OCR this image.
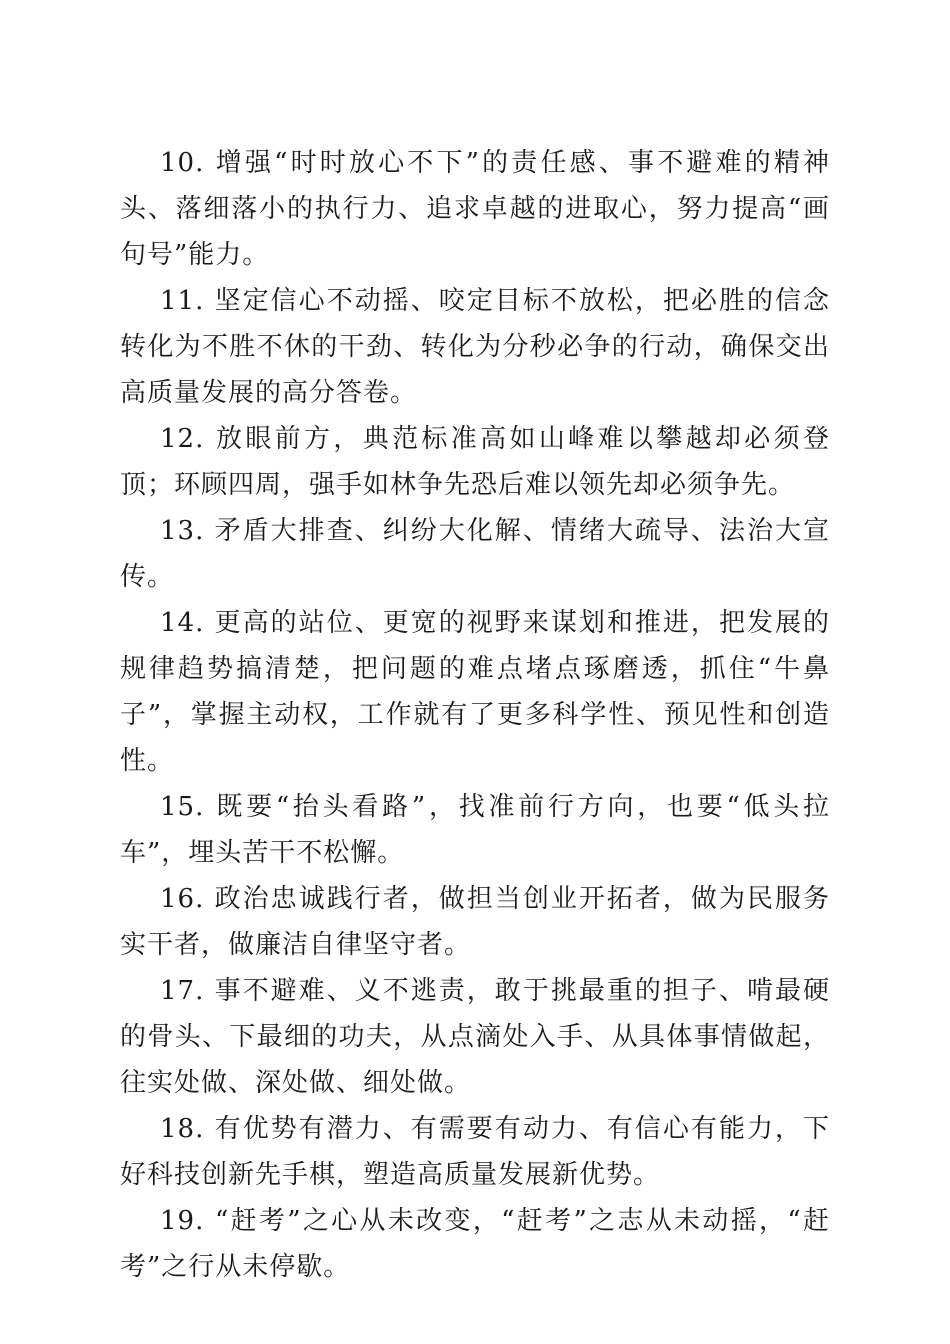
10. 增强“时时放心不下”的责任感、事不避难的精神头、落细落小的执行力、追求卓越的进取心，努力提高“画句号”能力。

11. 坚定信心不动摇、咬定目标不放松，把必胜的信念转化为不胜不休的干劲、转化为分秒必争的行动，确保交出高质量发展的高分答卷。

12. 放眼前方，典范标准高如山峰难以攀越却必须登顶；环顾四周，强手如林争先恐后难以领先却必须争先。

13. 矛盾大排查、纠纷大化解、情绪大疏导、法治大宣传。

14. 更高的站位、更宽的视野来谋划和推进，把发展的规律趋势搞清楚，把问题的难点堵点琢磨透，抓住“牛鼻子”，掌握主动权，工作就有了更多科学性、预见性和创造性。

15. 既要“抬头看路”，找准前行方向，也要“低头拉车”，埋头苦干不松懈。

16. 政治忠诚践行者，做担当创业开拓者，做为民服务实干者，做廉洁自律坚守者。

17. 事不避难、义不逃责，敢于挑最重的担子、啃最硬的骨头、下最细的功夫，从点滴处入手、从具体事情做起，往实处做、深处做、细处做。

18. 有优势有潜力、有需要有动力、有信心有能力，下好科技创新先手棋，塑造高质量发展新优势。

19. “赶考”之心从未改变，“赶考”之志从未动摇，“赶考”之行从未停歇。
